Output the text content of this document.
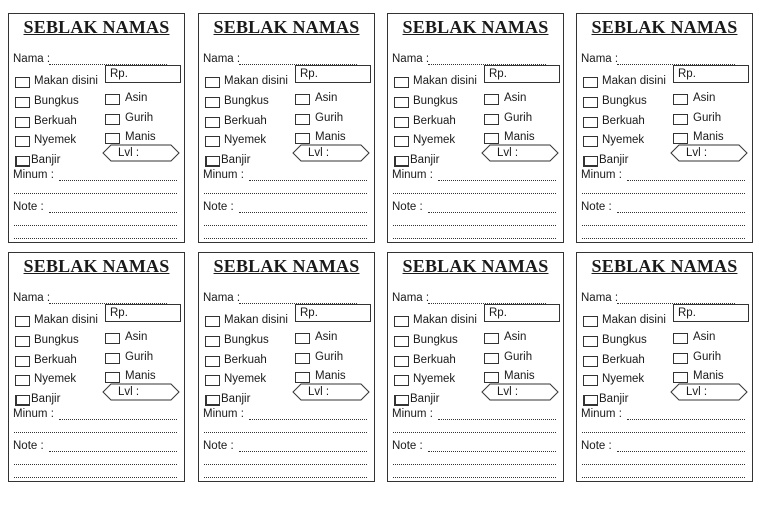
SEBLAK NAMAS
Nama :
Rp.
Makan disini
Bungkus
Berkuah
Nyemek
Banjir
Asin
Gurih
Manis
Lvl :
Minum :
Note :
SEBLAK NAMAS
Nama :
Rp.
Makan disini
Bungkus
Berkuah
Nyemek
Banjir
Asin
Gurih
Manis
Lvl :
Minum :
Note :
SEBLAK NAMAS
Nama :
Rp.
Makan disini
Bungkus
Berkuah
Nyemek
Banjir
Asin
Gurih
Manis
Lvl :
Minum :
Note :
SEBLAK NAMAS
Nama :
Rp.
Makan disini
Bungkus
Berkuah
Nyemek
Banjir
Asin
Gurih
Manis
Lvl :
Minum :
Note :
SEBLAK NAMAS
Nama :
Rp.
Makan disini
Bungkus
Berkuah
Nyemek
Banjir
Asin
Gurih
Manis
Lvl :
Minum :
Note :
SEBLAK NAMAS
Nama :
Rp.
Makan disini
Bungkus
Berkuah
Nyemek
Banjir
Asin
Gurih
Manis
Lvl :
Minum :
Note :
SEBLAK NAMAS
Nama :
Rp.
Makan disini
Bungkus
Berkuah
Nyemek
Banjir
Asin
Gurih
Manis
Lvl :
Minum :
Note :
SEBLAK NAMAS
Nama :
Rp.
Makan disini
Bungkus
Berkuah
Nyemek
Banjir
Asin
Gurih
Manis
Lvl :
Minum :
Note :
